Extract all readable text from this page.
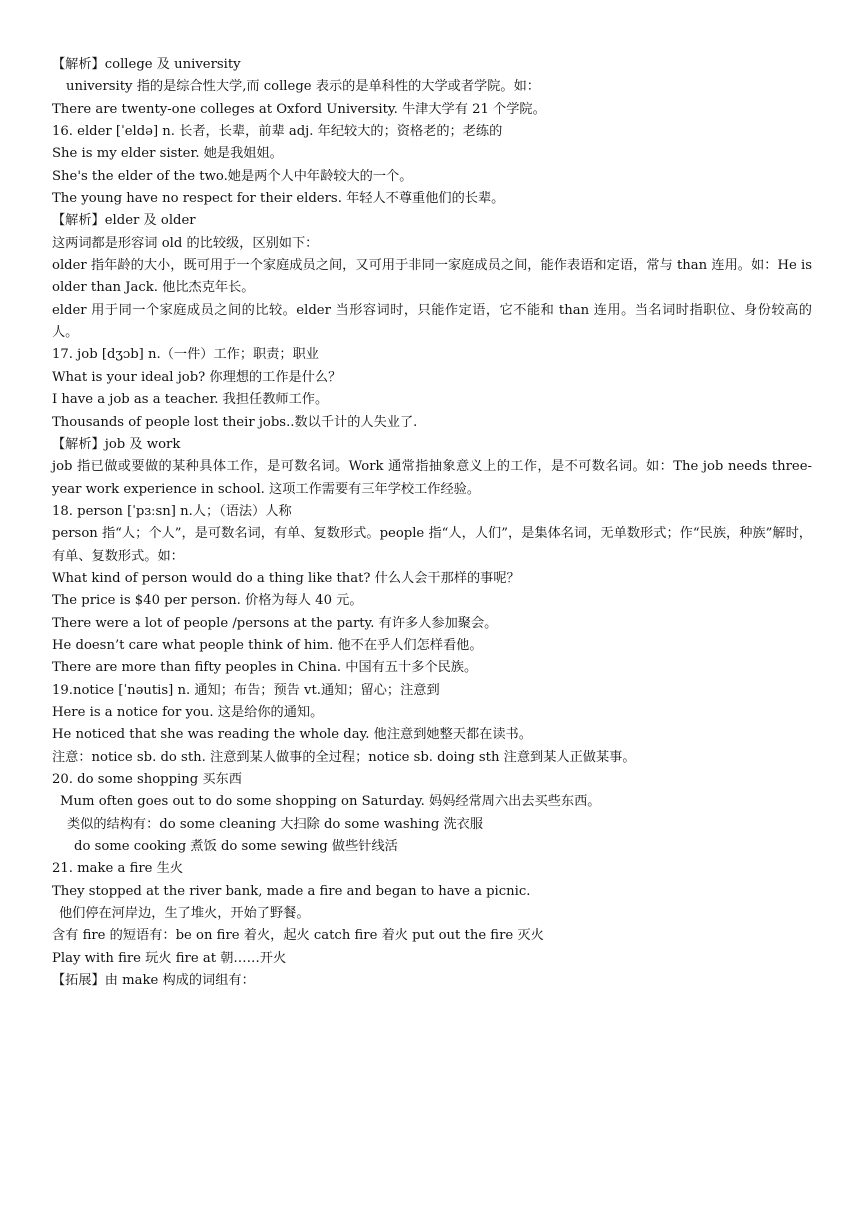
【解析】college 及 university
university 指的是综合性大学,而 college 表示的是单科性的大学或者学院。如：
There are twenty-one colleges at Oxford University. 牛津大学有 21 个学院。
16. elder [ˈeldə] n. 长者，长辈，前辈 adj. 年纪较大的；资格老的；老练的
She is my elder sister. 她是我姐姐。
She's the elder of the two.她是两个人中年龄较大的一个。
The young have no respect for their elders. 年轻人不尊重他们的长辈。
【解析】elder 及 older
这两词都是形容词 old 的比较级，区别如下：
older 指年龄的大小，既可用于一个家庭成员之间，又可用于非同一家庭成员之间，能作表语和定语，常与 than 连用。如：He is older than Jack. 他比杰克年长。
elder 用于同一个家庭成员之间的比较。elder 当形容词时，只能作定语，它不能和 than 连用。当名词时指职位、身份较高的人。
17. job [dʒɔb] n.（一件）工作；职责；职业
What is your ideal job? 你理想的工作是什么？
I have a job as a teacher. 我担任教师工作。
Thousands of people lost their jobs..数以千计的人失业了.
【解析】job 及 work
job 指已做或要做的某种具体工作，是可数名词。Work 通常指抽象意义上的工作，是不可数名词。如：The job needs three-year work experience in school. 这项工作需要有三年学校工作经验。
18. person [ˈpɜːsn] n.人；（语法）人称
person 指“人；个人”，是可数名词，有单、复数形式。people 指“人，人们”，是集体名词，无单数形式；作“民族，种族”解时，有单、复数形式。如：
What kind of person would do a thing like that? 什么人会干那样的事呢？
The price is $40 per person. 价格为每人 40 元。
There were a lot of people /persons at the party. 有许多人参加聚会。
He doesn’t care what people think of him. 他不在乎人们怎样看他。
There are more than fifty peoples in China. 中国有五十多个民族。
19.notice [ˈnəutis] n. 通知；布告；预告 vt.通知；留心；注意到
Here is a notice for you. 这是给你的通知。
He noticed that she was reading the whole day. 他注意到她整天都在读书。
注意：notice sb. do sth. 注意到某人做事的全过程；notice sb. doing sth 注意到某人正做某事。
20. do some shopping 买东西
Mum often goes out to do some shopping on Saturday. 妈妈经常周六出去买些东西。
类似的结构有：do some cleaning 大扫除 do some washing 洗衣服
do some cooking 煮饭 do some sewing 做些针线活
21. make a fire 生火
They stopped at the river bank, made a fire and began to have a picnic.
他们停在河岸边，生了堆火，开始了野餐。
含有 fire 的短语有：be on fire 着火，起火 catch fire 着火 put out the fire 灭火
Play with fire 玩火 fire at 朝……开火
【拓展】由 make 构成的词组有：
